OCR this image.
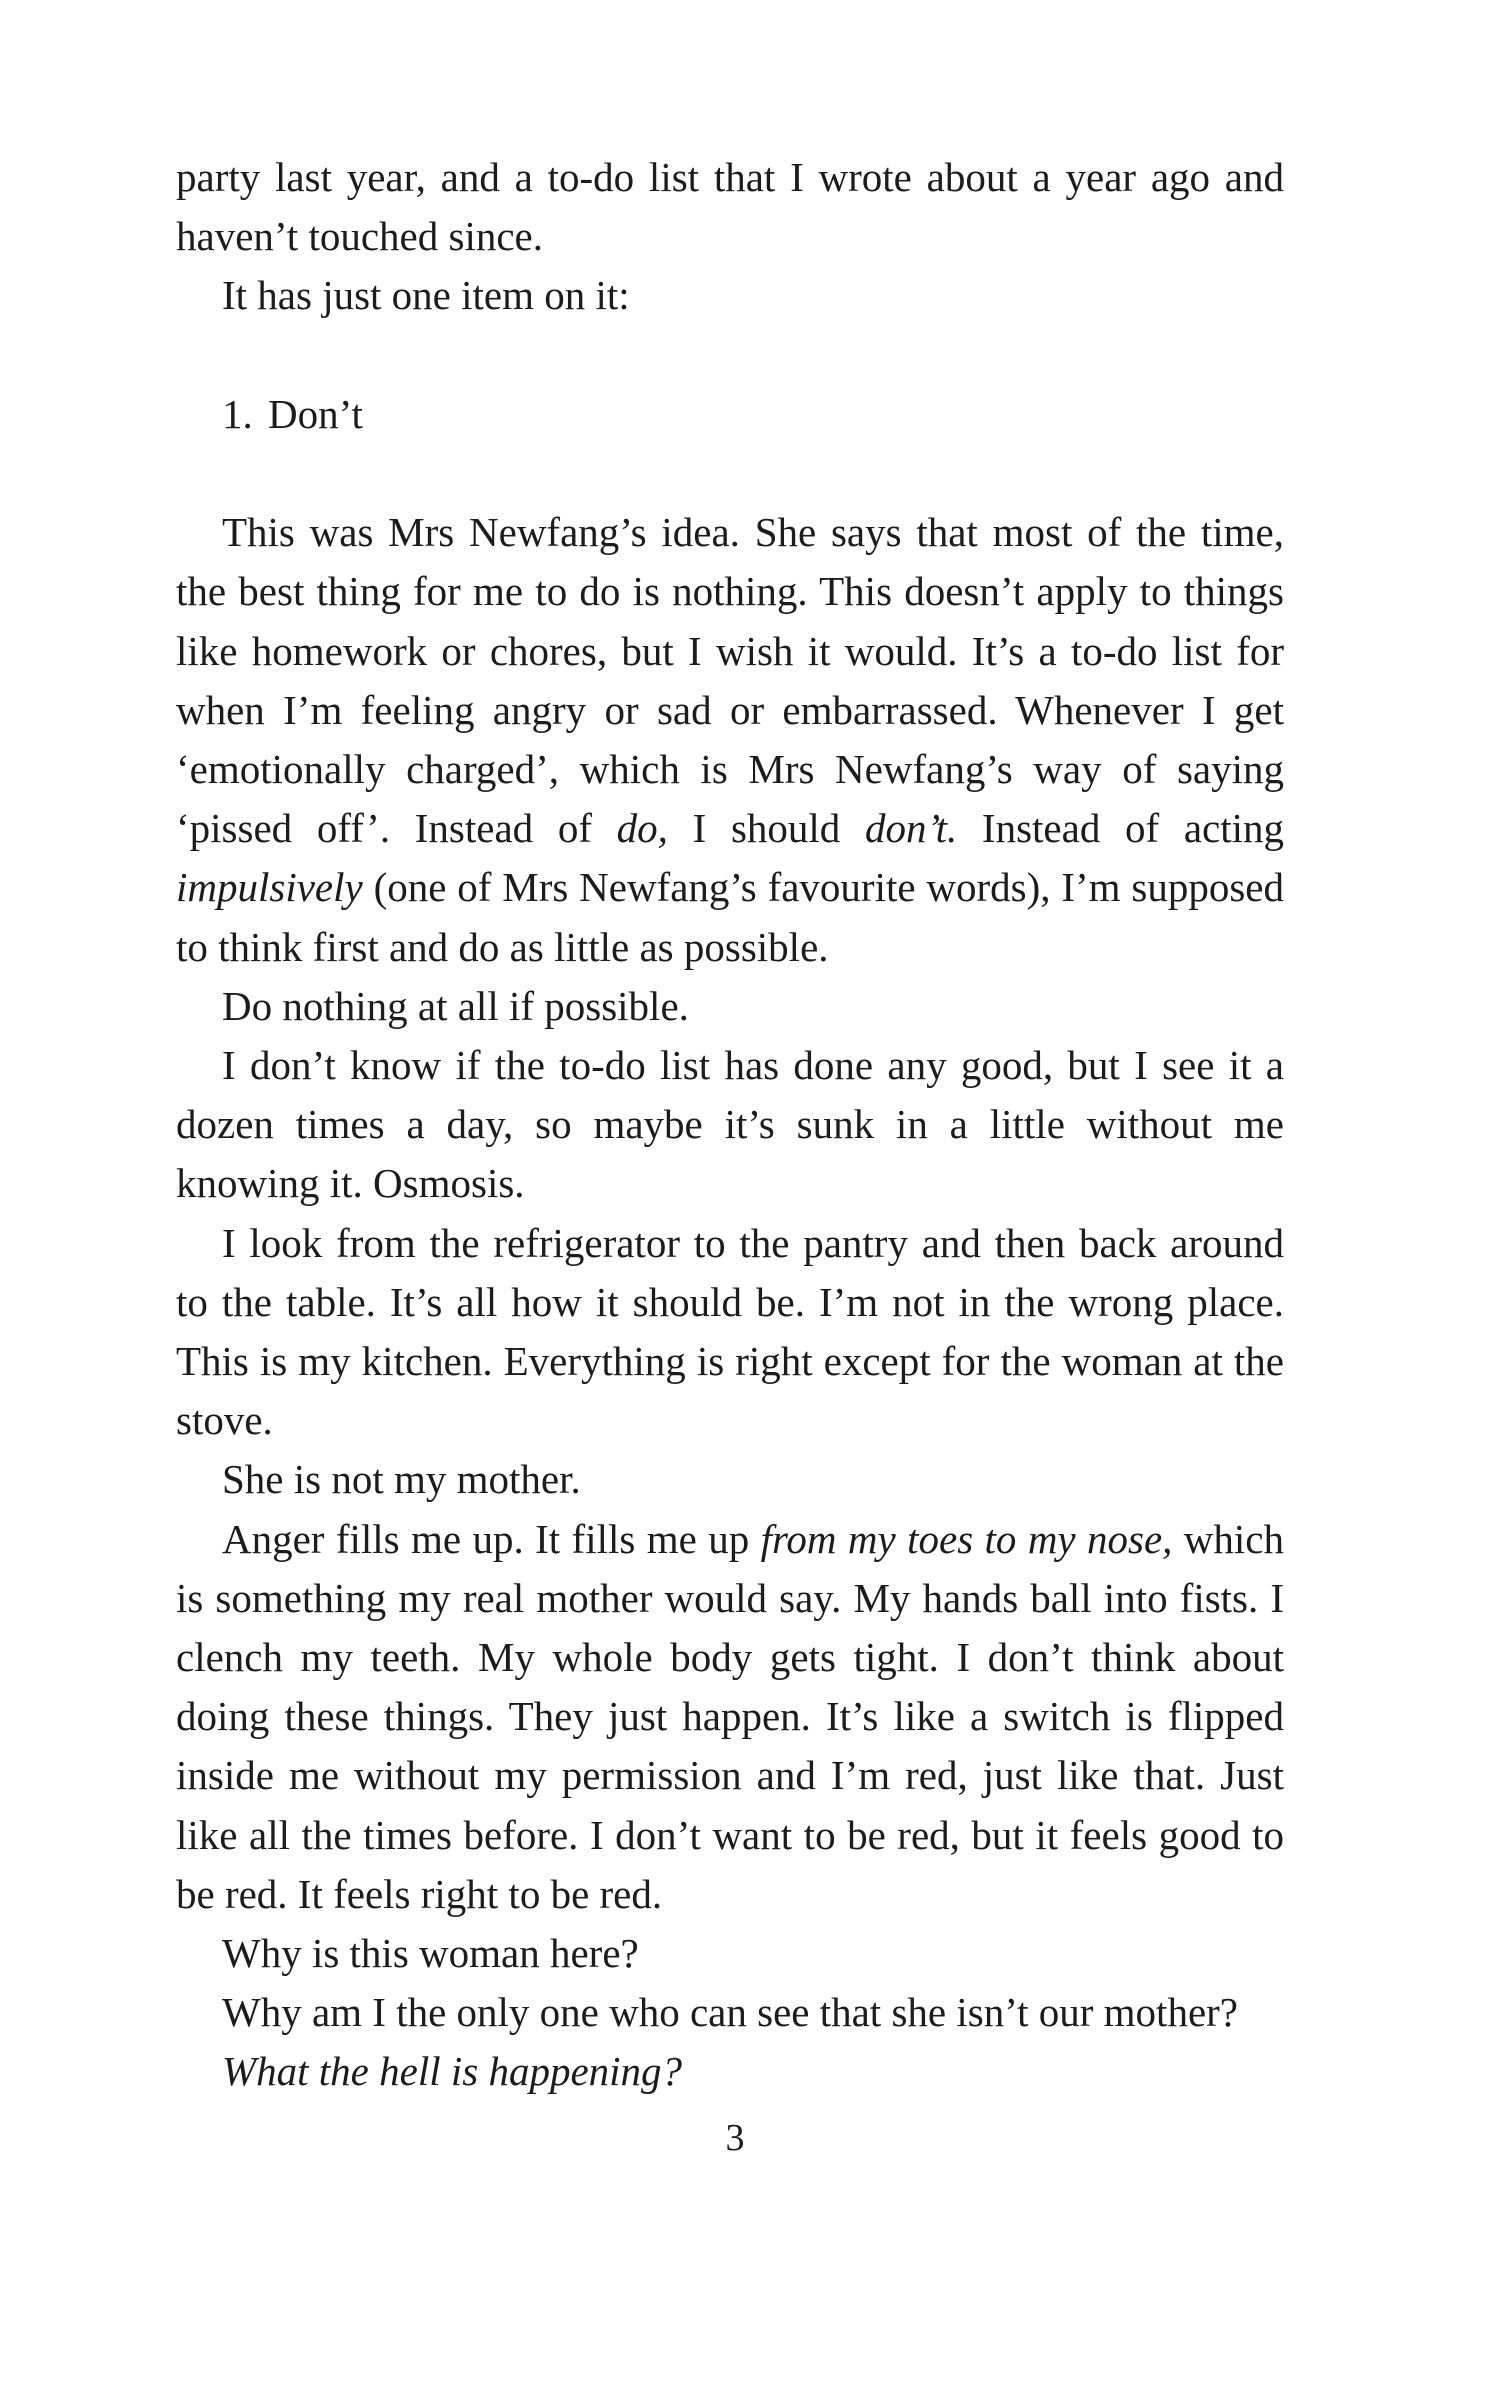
party last year, and a to-do list that I wrote about a year ago and haven’t touched since.

It has just one item on it:

1. Don’t

This was Mrs Newfang’s idea. She says that most of the time, the best thing for me to do is nothing. This doesn’t apply to things like homework or chores, but I wish it would. It’s a to-do list for when I’m feeling angry or sad or embarrassed. Whenever I get ‘emotionally charged’, which is Mrs Newfang’s way of saying ‘pissed off’. Instead of do, I should don’t. Instead of acting impulsively (one of Mrs Newfang’s favourite words), I’m supposed to think first and do as little as possible.

Do nothing at all if possible.

I don’t know if the to-do list has done any good, but I see it a dozen times a day, so maybe it’s sunk in a little without me knowing it. Osmosis.

I look from the refrigerator to the pantry and then back around to the table. It’s all how it should be. I’m not in the wrong place. This is my kitchen. Everything is right except for the woman at the stove.

She is not my mother.

Anger fills me up. It fills me up from my toes to my nose, which is something my real mother would say. My hands ball into fists. I clench my teeth. My whole body gets tight. I don’t think about doing these things. They just happen. It’s like a switch is flipped inside me without my permission and I’m red, just like that. Just like all the times before. I don’t want to be red, but it feels good to be red. It feels right to be red.

Why is this woman here?

Why am I the only one who can see that she isn’t our mother?

What the hell is happening?

3
